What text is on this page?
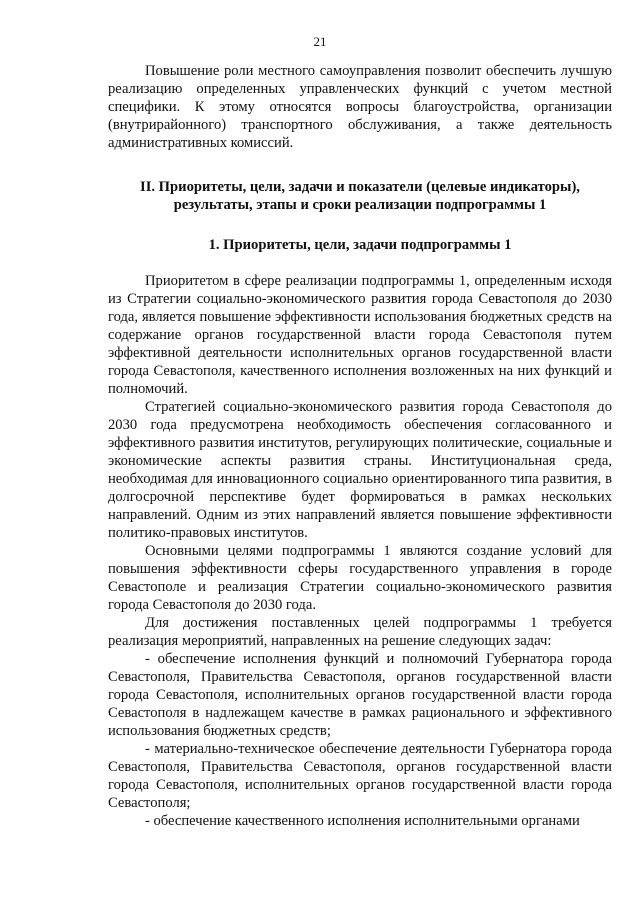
21

Повышение роли местного самоуправления позволит обеспечить лучшую реализацию определенных управленческих функций с учетом местной специфики. К этому относятся вопросы благоустройства, организации (внутрирайонного) транспортного обслуживания, а также деятельность административных комиссий.

II. Приоритеты, цели, задачи и показатели (целевые индикаторы), результаты, этапы и сроки реализации подпрограммы 1

1. Приоритеты, цели, задачи подпрограммы 1

Приоритетом в сфере реализации подпрограммы 1, определенным исходя из Стратегии социально-экономического развития города Севастополя до 2030 года, является повышение эффективности использования бюджетных средств на содержание органов государственной власти города Севастополя путем эффективной деятельности исполнительных органов государственной власти города Севастополя, качественного исполнения возложенных на них функций и полномочий.

Стратегией социально-экономического развития города Севастополя до 2030 года предусмотрена необходимость обеспечения согласованного и эффективного развития институтов, регулирующих политические, социальные и экономические аспекты развития страны. Институциональная среда, необходимая для инновационного социально ориентированного типа развития, в долгосрочной перспективе будет формироваться в рамках нескольких направлений. Одним из этих направлений является повышение эффективности политико-правовых институтов.

Основными целями подпрограммы 1 являются создание условий для повышения эффективности сферы государственного управления в городе Севастополе и реализация Стратегии социально-экономического развития города Севастополя до 2030 года.

Для достижения поставленных целей подпрограммы 1 требуется реализация мероприятий, направленных на решение следующих задач:

- обеспечение исполнения функций и полномочий Губернатора города Севастополя, Правительства Севастополя, органов государственной власти города Севастополя, исполнительных органов государственной власти города Севастополя в надлежащем качестве в рамках рационального и эффективного использования бюджетных средств;

- материально-техническое обеспечение деятельности Губернатора города Севастополя, Правительства Севастополя, органов государственной власти города Севастополя, исполнительных органов государственной власти города Севастополя;

- обеспечение качественного исполнения исполнительными органами
